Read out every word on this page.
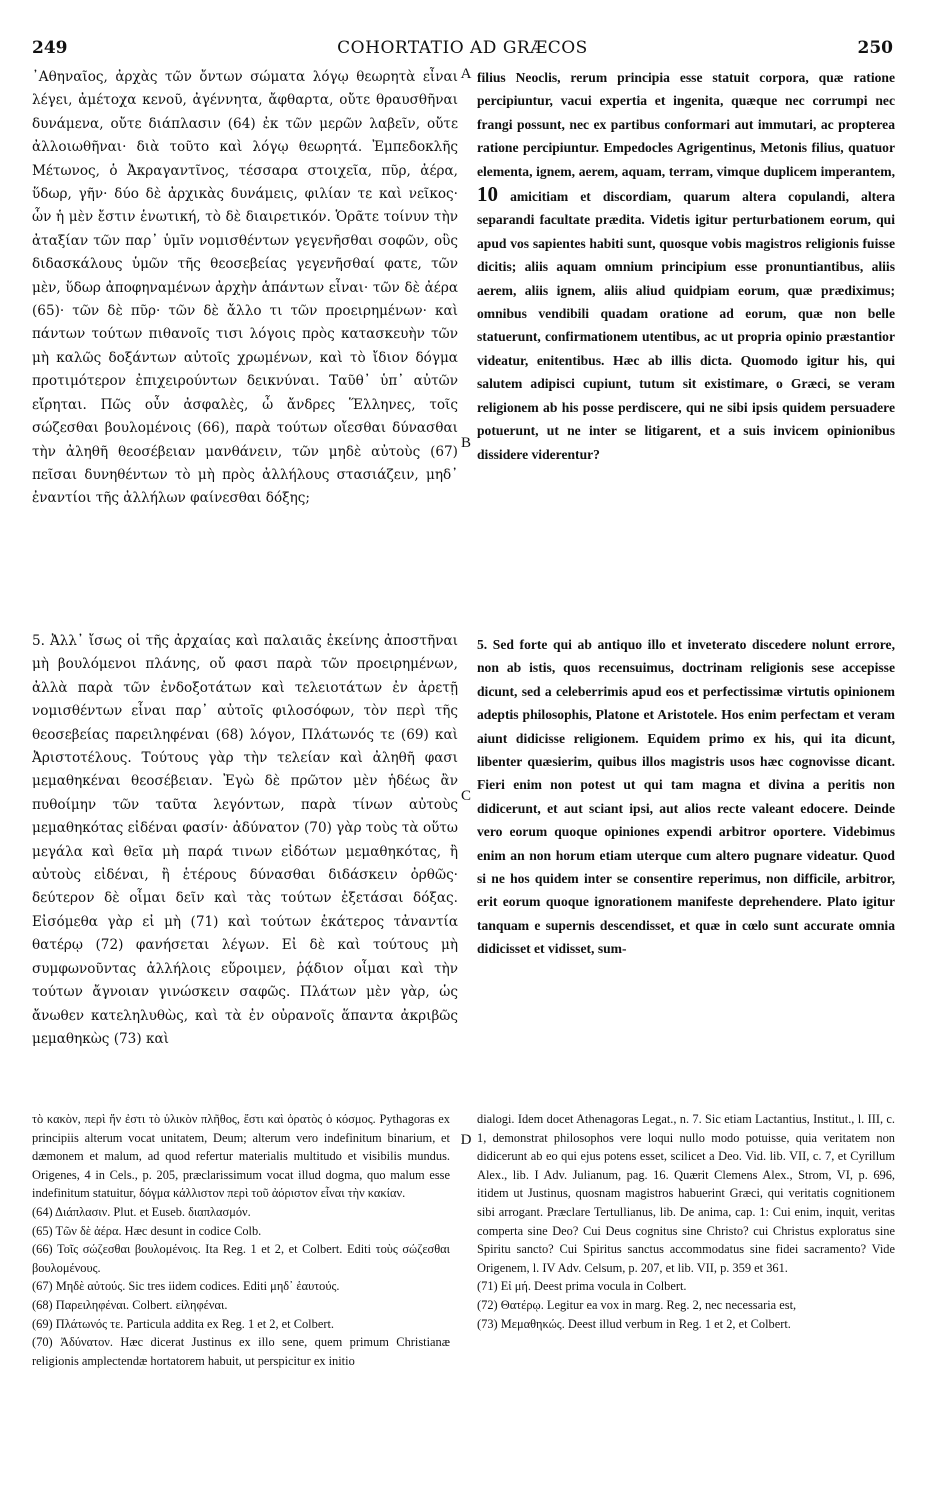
249	COHORTATIO AD GRÆCOS	250
A
B
C
D

᾿Αθηναῖος, ἀρχὰς τῶν ὄντων σώματα λόγῳ θεωρητὰ εἶναι λέγει, ἀμέτοχα κενοῦ, ἀγέννητα, ἄφθαρτα, οὔτε θραυσθῆναι δυνάμενα, οὔτε διάπλασιν (64) ἐκ τῶν μερῶν λαβεῖν, οὔτε ἀλλοιωθῆναι· διὰ τοῦτο καὶ λόγῳ θεωρητά. Ἐμπεδοκλῆς Μέτωνος, ὁ Ἀκραγαντῖνος, τέσσαρα στοιχεῖα, πῦρ, ἀέρα, ὕδωρ, γῆν· δύο δὲ ἀρχικὰς δυνάμεις, φιλίαν τε καὶ νεῖκος· ὧν ἡ μὲν ἔστιν ἑνωτική, τὸ δὲ διαιρετικόν. Ὁρᾶτε τοίνυν τὴν ἀταξίαν τῶν παρ᾿ ὑμῖν νομισθέντων γεγενῆσθαι σοφῶν, οὓς διδασκάλους ὑμῶν τῆς θεοσεβείας γεγενῆσθαί φατε, τῶν μὲν, ὕδωρ ἀποφηναμένων ἀρχὴν ἁπάντων εἶναι· τῶν δὲ ἀέρα (65)· τῶν δὲ πῦρ· τῶν δὲ ἄλλο τι τῶν προειρημένων· καὶ πάντων τούτων πιθανοῖς τισι λόγοις πρὸς κατασκευὴν τῶν μὴ καλῶς δοξάντων αὐτοῖς χρωμένων, καὶ τὸ ἴδιον δόγμα προτιμότερον ἐπιχειρούντων δεικνύναι. Ταῦθ᾿ ὑπ᾿ αὐτῶν εἴρηται. Πῶς οὖν ἀσφαλὲς, ὦ ἄνδρες Ἕλληνες, τοῖς σώζεσθαι βουλομένοις (66), παρὰ τούτων οἴεσθαι δύνασθαι τὴν ἀληθῆ θεοσέβειαν μανθάνειν, τῶν μηδὲ αὐτοὺς (67) πεῖσαι δυνηθέντων τὸ μὴ πρὸς ἀλλήλους στασιάζειν, μηδ᾿ ἐναντίοι τῆς ἀλλήλων φαίνεσθαι δόξης;

5. Ἀλλ᾿ ἴσως οἱ τῆς ἀρχαίας καὶ παλαιᾶς ἐκείνης ἀποστῆναι μὴ βουλόμενοι πλάνης, οὔ φασι παρὰ τῶν προειρημένων, ἀλλὰ παρὰ τῶν ἐνδοξοτάτων καὶ τελειοτάτων ἐν ἀρετῇ νομισθέντων εἶναι παρ᾿ αὐτοῖς φιλοσόφων, τὸν περὶ τῆς θεοσεβείας παρειληφέναι (68) λόγον, Πλάτωνός τε (69) καὶ Ἀριστοτέλους. Τούτους γὰρ τὴν τελείαν καὶ ἀληθῆ φασι μεμαθηκέναι θεοσέβειαν. Ἐγὼ δὲ πρῶτον μὲν ἡδέως ἂν πυθοίμην τῶν ταῦτα λεγόντων, παρὰ τίνων αὐτοὺς μεμαθηκότας εἰδέναι φασίν· ἀδύνατον (70) γὰρ τοὺς τὰ οὕτω μεγάλα καὶ θεῖα μὴ παρά τινων εἰδότων μεμαθηκότας, ἢ αὐτοὺς εἰδέναι, ἢ ἑτέρους δύνασθαι διδάσκειν ὀρθῶς· δεύτερον δὲ οἶμαι δεῖν καὶ τὰς τούτων ἐξετάσαι δόξας. Εἰσόμεθα γὰρ εἰ μὴ (71) καὶ τούτων ἑκάτερος τἀναντία θατέρῳ (72) φανήσεται λέγων. Εἰ δὲ καὶ τούτους μὴ συμφωνοῦντας ἀλλήλοις εὕροιμεν, ῥᾴδιον οἶμαι καὶ τὴν τούτων ἄγνοιαν γινώσκειν σαφῶς. Πλάτων μὲν γὰρ, ὡς ἄνωθεν κατεληλυθὼς, καὶ τὰ ἐν οὐρανοῖς ἅπαντα ἀκριβῶς μεμαθηκὼς (73) καὶ

filius Neoclis, rerum principia esse statuit corpora, quæ ratione percipiuntur, vacui expertia et ingenita, quæque nec corrumpi nec frangi possunt, nec ex partibus conformari aut immutari, ac propterea ratione percipiuntur. Empedocles Agrigentinus, Metonis filius, quatuor elementa, ignem, aerem, aquam, terram, vimque duplicem imperantem, 10 amicitiam et discordiam, quarum altera copulandi, altera separandi facultate prædita. Videtis igitur perturbationem eorum, qui apud vos sapientes habiti sunt, quosque vobis magistros religionis fuisse dicitis; aliis aquam omnium principium esse pronuntiantibus, aliis aerem, aliis ignem, aliis aliud quidpiam eorum, quæ prædiximus; omnibus vendibili quadam oratione ad eorum, quæ non belle statuerunt, confirmationem utentibus, ac ut propria opinio præstantior videatur, enitentibus. Hæc ab illis dicta. Quomodo igitur his, qui salutem adipisci cupiunt, tutum sit existimare, o Græci, se veram religionem ab his posse perdiscere, qui ne sibi ipsis quidem persuadere potuerunt, ut ne inter se litigarent, et a suis invicem opinionibus dissidere viderentur?

5. Sed forte qui ab antiquo illo et inveterato discedere nolunt errore, non ab istis, quos recensuimus, doctrinam religionis sese accepisse dicunt, sed a celeberrimis apud eos et perfectissimæ virtutis opinionem adeptis philosophis, Platone et Aristotele. Hos enim perfectam et veram aiunt didicisse religionem. Equidem primo ex his, qui ita dicunt, libenter quæsierim, quibus illos magistris usos hæc cognovisse dicant. Fieri enim non potest ut qui tam magna et divina a peritis non didicerunt, et aut sciant ipsi, aut alios recte valeant edocere. Deinde vero eorum quoque opiniones expendi arbitror oportere. Videbimus enim an non horum etiam uterque cum altero pugnare videatur. Quod si ne hos quidem inter se consentire reperimus, non difficile, arbitror, erit eorum quoque ignorationem manifeste deprehendere. Plato igitur tanquam e supernis descendisset, et quæ in cœlo sunt accurate omnia didicisset et vidisset, sum-

τὸ κακὸν, περὶ ἥν ἐστι τὸ ὑλικὸν πλῆθος, ἔστι καὶ ὁρατὸς ὁ κόσμος. Pythagoras ex principiis alterum vocat unitatem, Deum; alterum vero indefinitum binarium, et dæmonem et malum, ad quod refertur materialis multitudo et visibilis mundus. Origenes, 4 in Cels., p. 205, præclarissimum vocat illud dogma, quo malum esse indefinitum statuitur, δόγμα κάλλιστον περὶ τοῦ ἀόριστον εἶναι τὴν κακίαν.

(64) Διάπλασιν. Plut. et Euseb. διαπλασμόν.

(65) Τῶν δὲ ἀέρα. Hæc desunt in codice Colb.

(66) Τοῖς σώζεσθαι βουλομένοις. Ita Reg. 1 et 2, et Colbert. Editi τοὺς σώζεσθαι βουλομένους.

(67) Μηδὲ αὐτούς. Sic tres iidem codices. Editi μηδ᾿ ἑαυτούς.

(68) Παρειληφέναι. Colbert. εἰληφέναι.

(69) Πλάτωνός τε. Particula addita ex Reg. 1 et 2, et Colbert.

(70) Ἀδύνατον. Hæc dicerat Justinus ex illo sene, quem primum Christianæ religionis amplectendæ hortatorem habuit, ut perspicitur ex initio

dialogi. Idem docet Athenagoras Legat., n. 7. Sic etiam Lactantius, Institut., l. III, c. 1, demonstrat philosophos vere loqui nullo modo potuisse, quia veritatem non didicerunt ab eo qui ejus potens esset, scilicet a Deo. Vid. lib. VII, c. 7, et Cyrillum Alex., lib. I Adv. Julianum, pag. 16. Quærit Clemens Alex., Strom, VI, p. 696, itidem ut Justinus, quosnam magistros habuerint Græci, qui veritatis cognitionem sibi arrogant. Præclare Tertullianus, lib. De anima, cap. 1: Cui enim, inquit, veritas comperta sine Deo? Cui Deus cognitus sine Christo? cui Christus exploratus sine Spiritu sancto? Cui Spiritus sanctus accommodatus sine fidei sacramento? Vide Origenem, l. IV Adv. Celsum, p. 207, et lib. VII, p. 359 et 361.

(71) Εἰ μή. Deest prima vocula in Colbert.

(72) Θατέρῳ. Legitur ea vox in marg. Reg. 2, nec necessaria est,

(73) Μεμαθηκώς. Deest illud verbum in Reg. 1 et 2, et Colbert.
